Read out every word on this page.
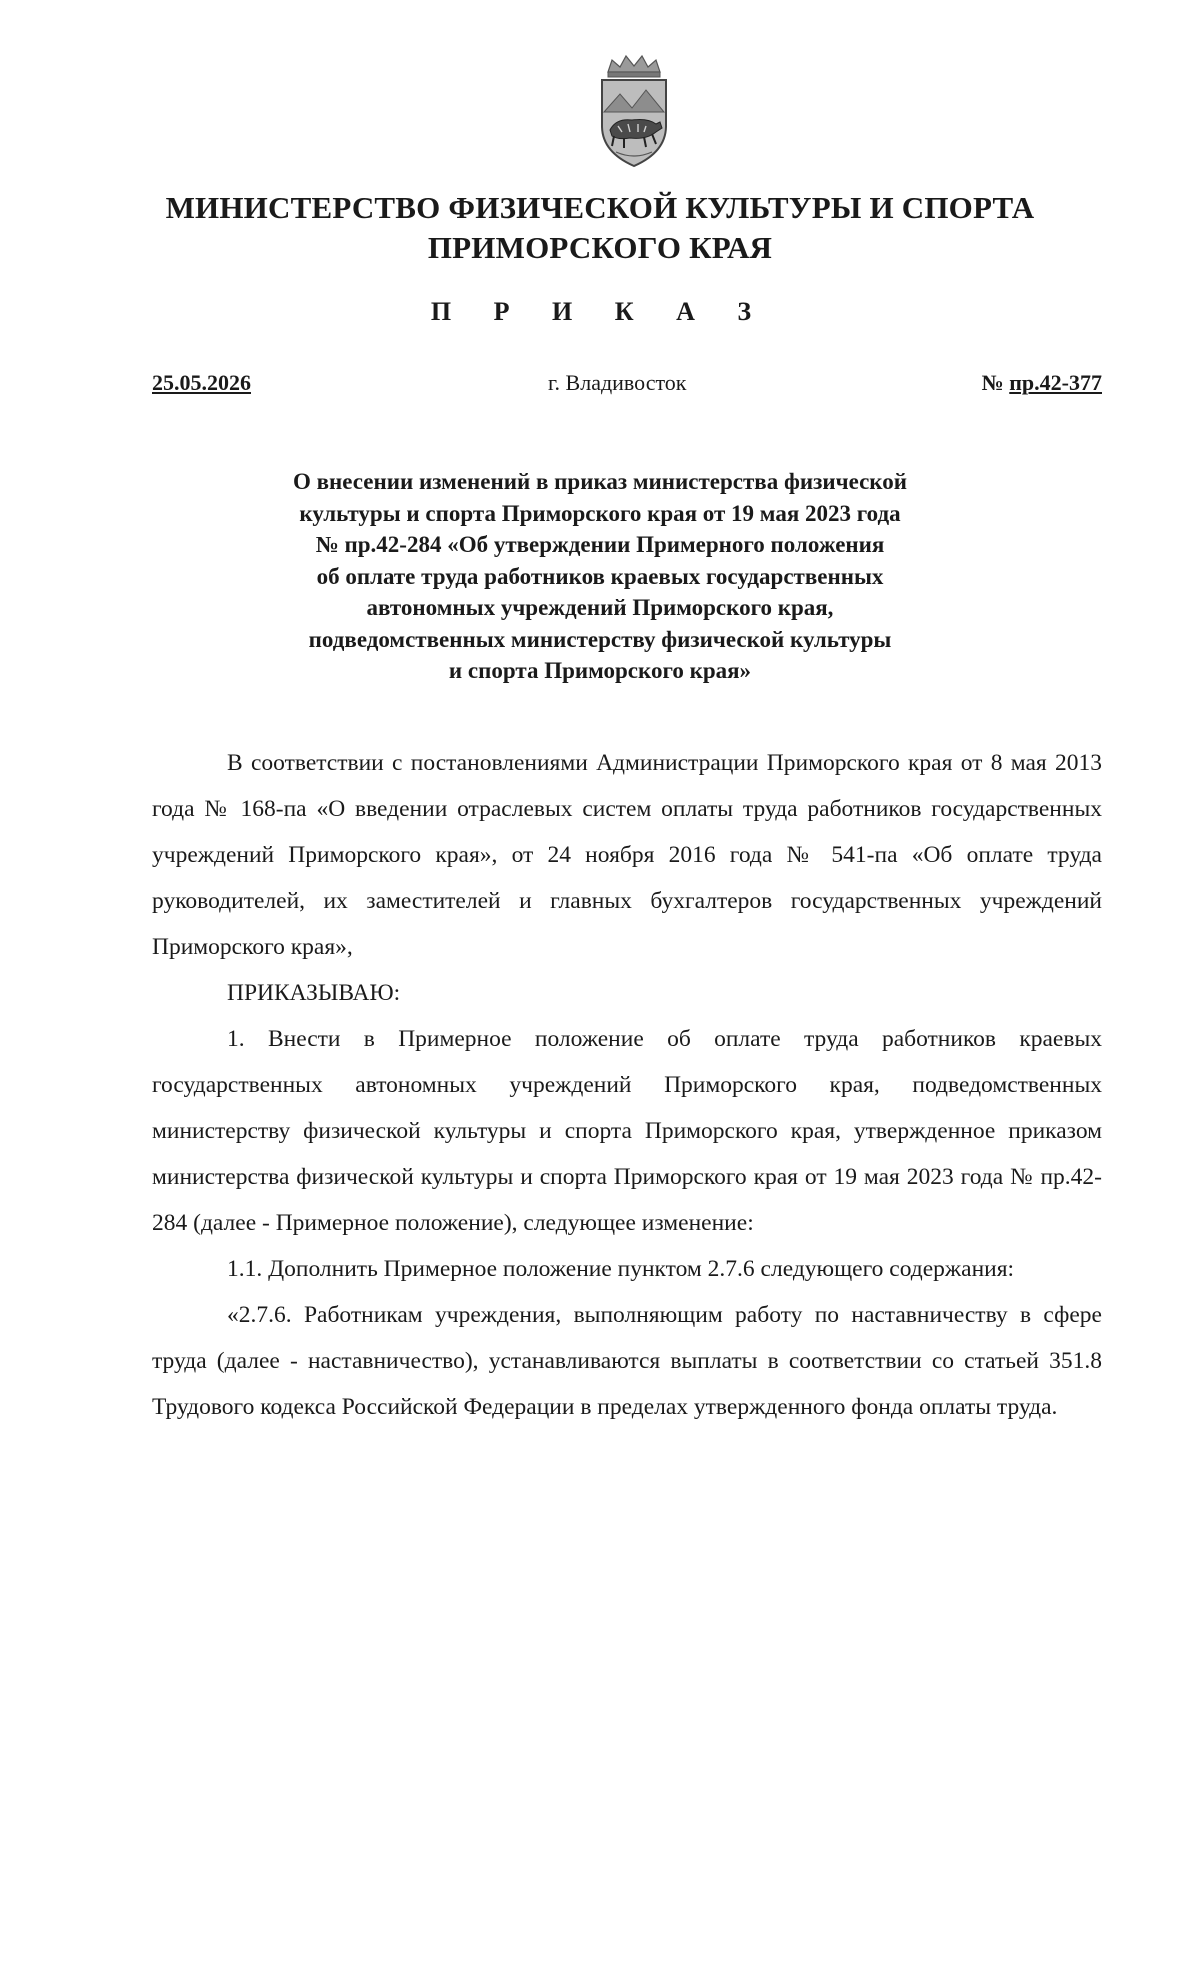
МИНИСТЕРСТВО ФИЗИЧЕСКОЙ КУЛЬТУРЫ И СПОРТА
ПРИМОРСКОГО КРАЯ
П Р И К А З
25.05.2026	г. Владивосток	№ пр.42-377
О внесении изменений в приказ министерства физической
культуры и спорта Приморского края от 19 мая 2023 года
№ пр.42-284 «Об утверждении Примерного положения
об оплате труда работников краевых государственных
автономных учреждений Приморского края,
подведомственных министерству физической культуры
и спорта Приморского края»

В соответствии с постановлениями Администрации Приморского края от 8 мая 2013 года № 168-па «О введении отраслевых систем оплаты труда работников государственных учреждений Приморского края», от 24 ноября 2016 года № 541-па «Об оплате труда руководителей, их заместителей и главных бухгалтеров государственных учреждений Приморского края»,

ПРИКАЗЫВАЮ:

1. Внести в Примерное положение об оплате труда работников краевых государственных автономных учреждений Приморского края, подведомственных министерству физической культуры и спорта Приморского края, утвержденное приказом министерства физической культуры и спорта Приморского края от 19 мая 2023 года № пр.42-284 (далее - Примерное положение), следующее изменение:

1.1. Дополнить Примерное положение пунктом 2.7.6 следующего содержания:

«2.7.6. Работникам учреждения, выполняющим работу по наставничеству в сфере труда (далее - наставничество), устанавливаются выплаты в соответствии со статьей 351.8 Трудового кодекса Российской Федерации в пределах утвержденного фонда оплаты труда.
